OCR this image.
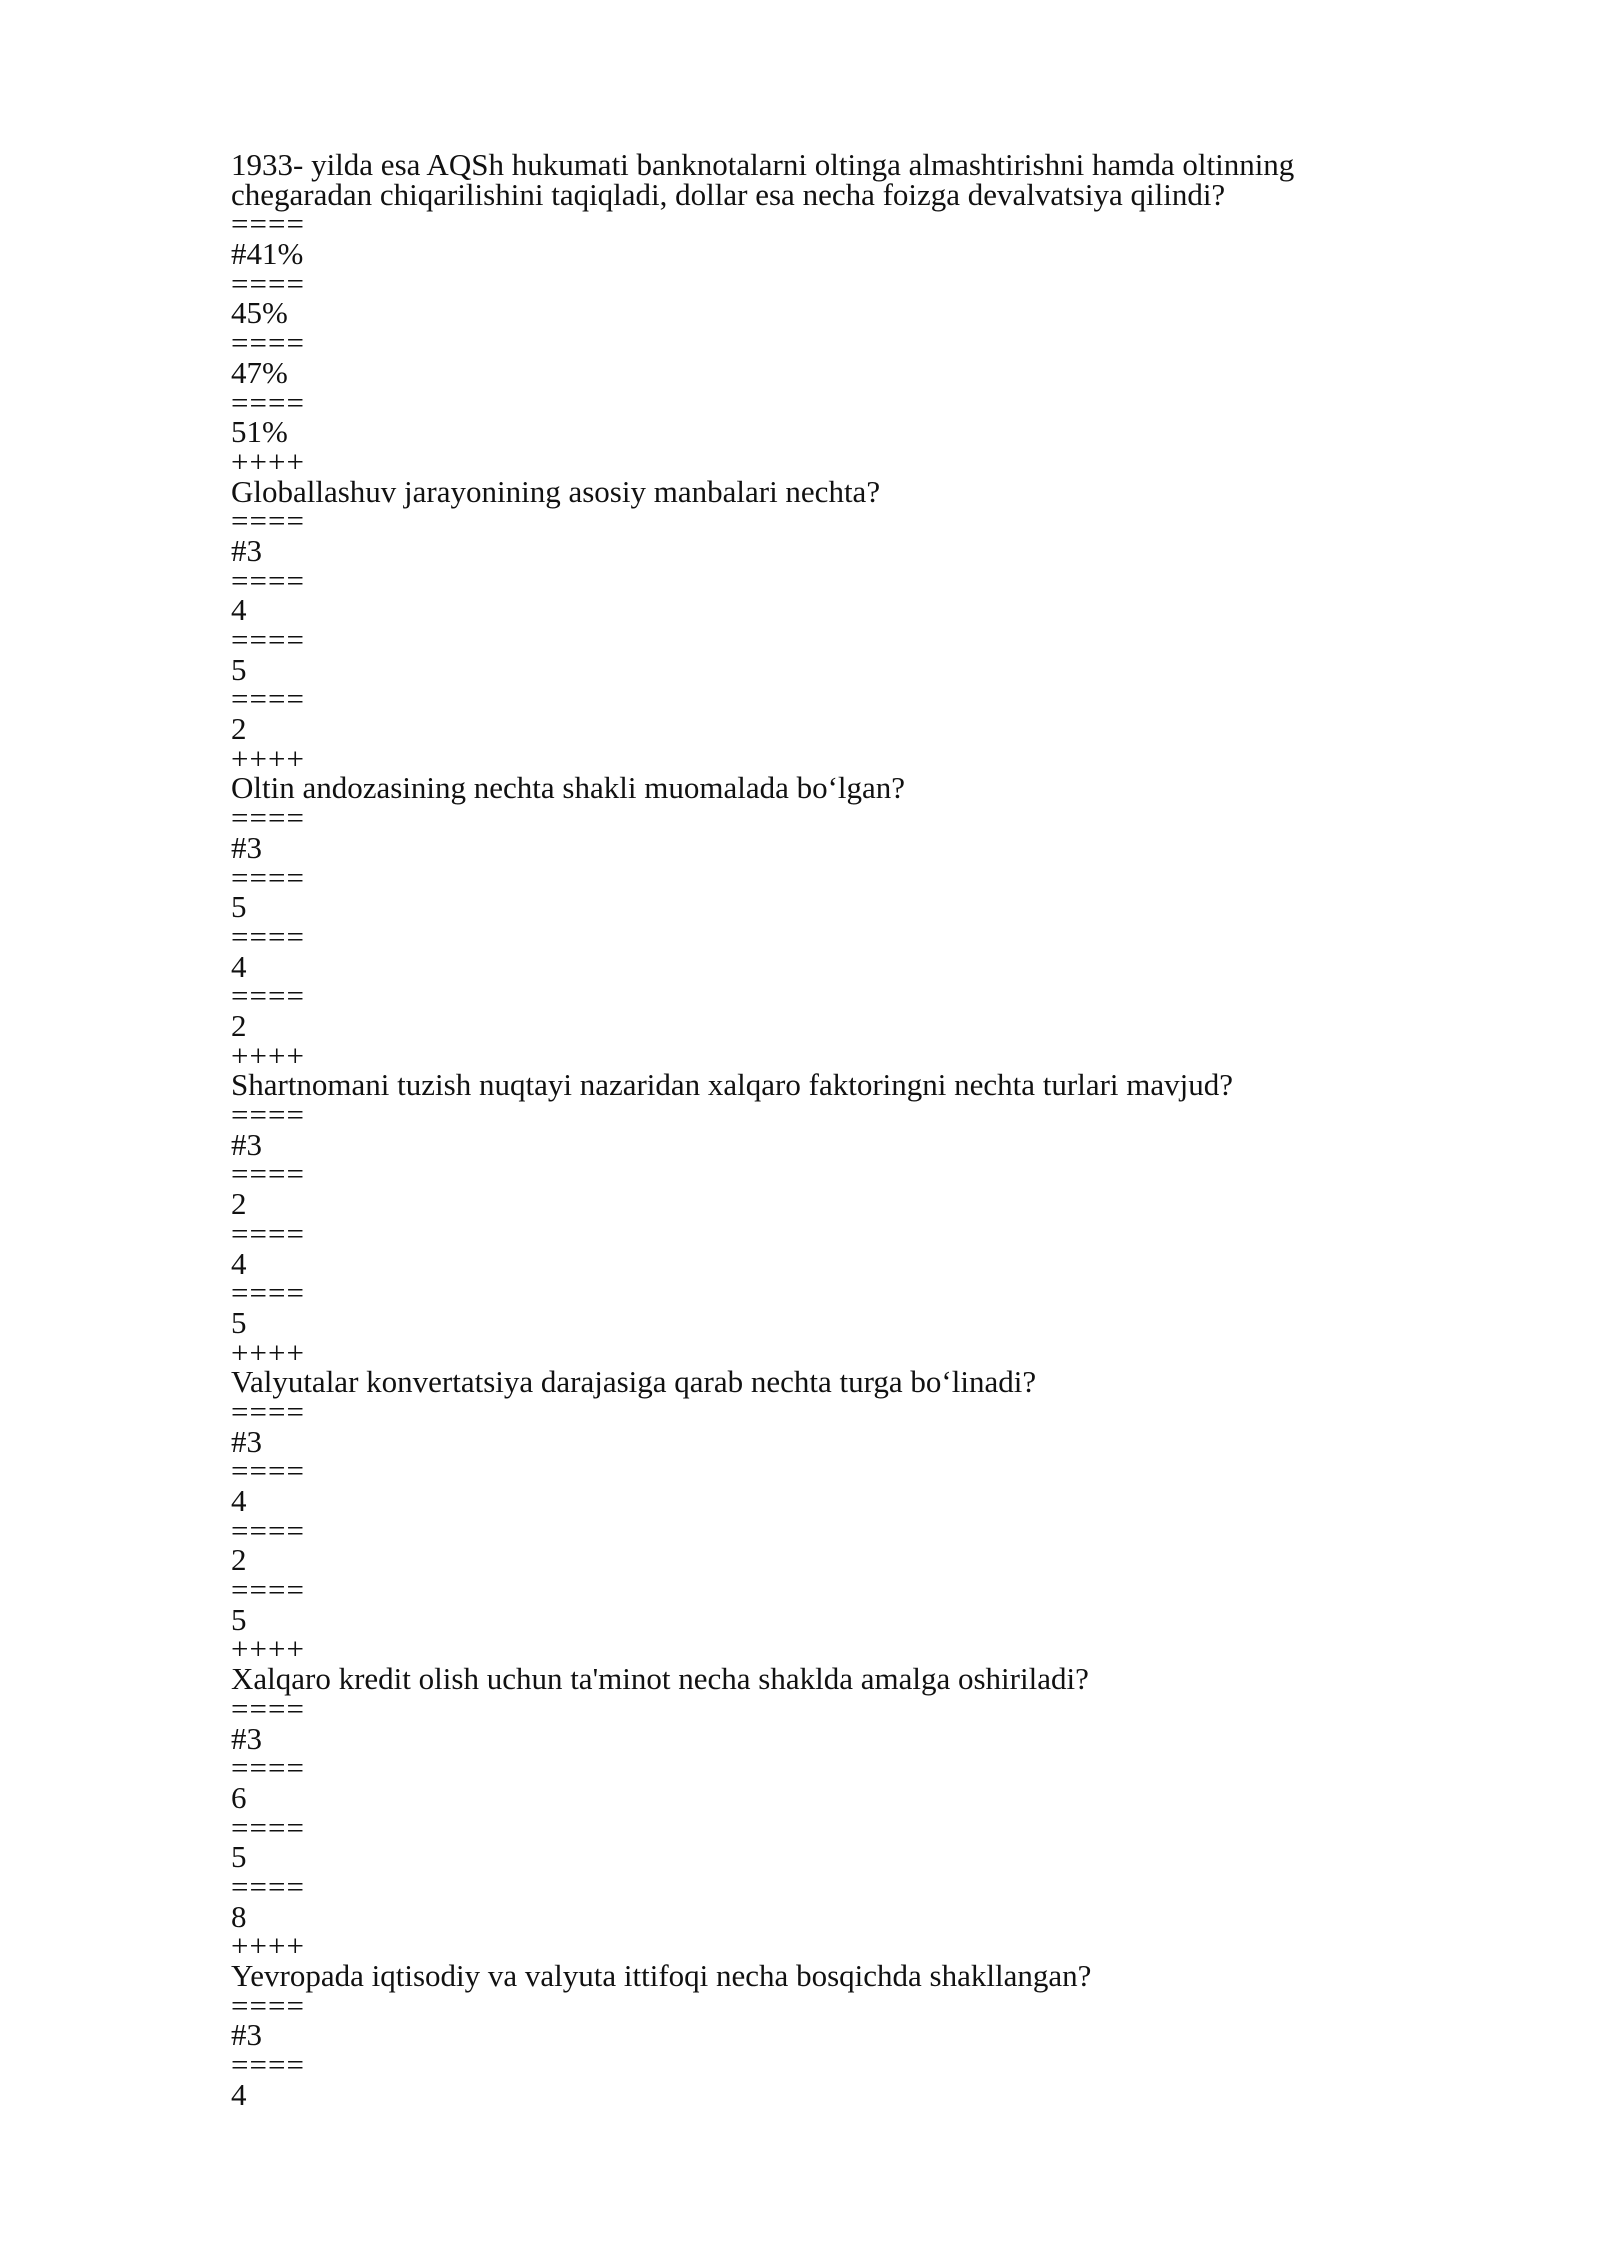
1933- yilda esa AQSh hukumati banknotalarni oltinga almashtirishni hamda oltinning chegaradan chiqarilishini taqiqladi, dollar esa necha foizga devalvatsiya qilindi?
====
#41%
====
45%
====
47%
====
51%
++++
Globallashuv jarayonining asosiy manbalari nechta?
====
#3
====
4
====
5
====
2
++++
Oltin andozasining nechta shakli muomalada bo‘lgan?
====
#3
====
5
====
4
====
2
++++
Shartnomani tuzish nuqtayi nazaridan xalqaro faktoringni nechta turlari mavjud?
====
#3
====
2
====
4
====
5
++++
Valyutalar konvertatsiya darajasiga qarab nechta turga bo‘linadi?
====
#3
====
4
====
2
====
5
++++
Xalqaro kredit olish uchun ta'minot necha shaklda amalga oshiriladi?
====
#3
====
6
====
5
====
8
++++
Yevropada iqtisodiy va valyuta ittifoqi necha bosqichda shakllangan?
====
#3
====
4
